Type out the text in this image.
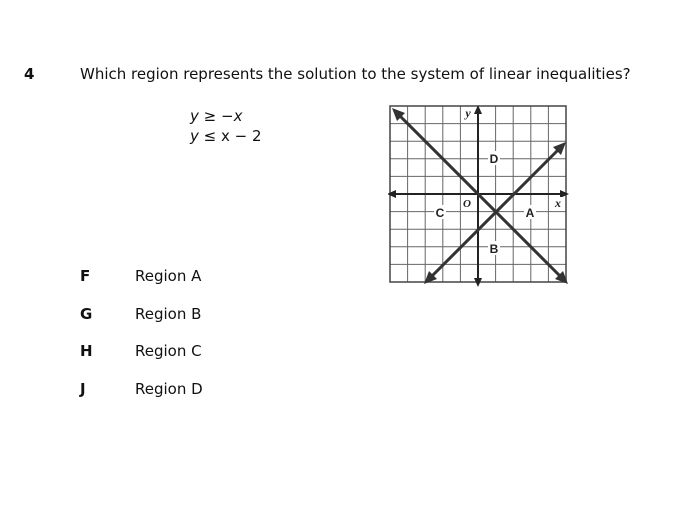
4	Which region represents the solution to the system of linear inequalities?
y ≥ −x
y ≤ x − 2
D
C	A
B
y
x
O
F	Region A
G	Region B
H	Region C
J	Region D
